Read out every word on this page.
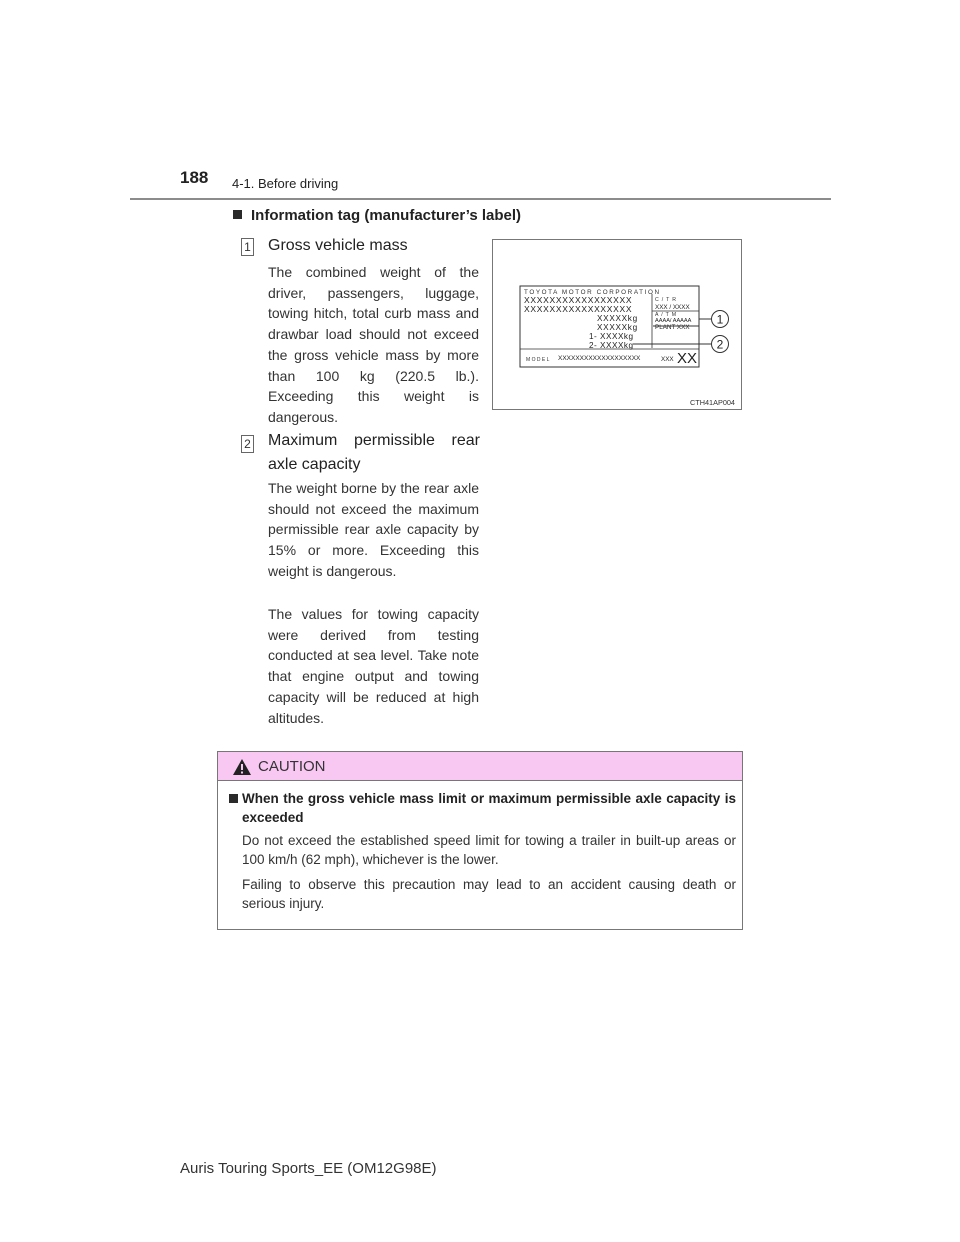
188 4-1. Before driving
Information tag (manufacturer’s label)
1 Gross vehicle mass
The combined weight of the driver, passengers, luggage, towing hitch, total curb mass and drawbar load should not exceed the gross vehicle mass by more than 100 kg (220.5 lb.). Exceeding this weight is dangerous.
2 Maximum permissible rear axle capacity
The weight borne by the rear axle should not exceed the maximum permissible rear axle capacity by 15% or more. Exceeding this weight is dangerous.
The values for towing capacity were derived from testing conducted at sea level. Take note that engine output and towing capacity will be reduced at high altitudes.
TOYOTA MOTOR CORPORATION
XXXXXXXXXXXXXXXXX
XXXXXXXXXXXXXXXXX
XXXXXkg
XXXXXkg
1- XXXXkg
2- XXXXkg
C / T R
XXX / XXXX
A / T M
AAAA/ AAAAA
PLANT XXX
MODEL XXXXXXXXXXXXXXXXXXX	XXX XX
1
2
CTH41AP004
CAUTION
When the gross vehicle mass limit or maximum permissible axle capacity is exceeded
Do not exceed the established speed limit for towing a trailer in built-up areas or 100 km/h (62 mph), whichever is the lower.
Failing to observe this precaution may lead to an accident causing death or serious injury.
Auris Touring Sports_EE (OM12G98E)
